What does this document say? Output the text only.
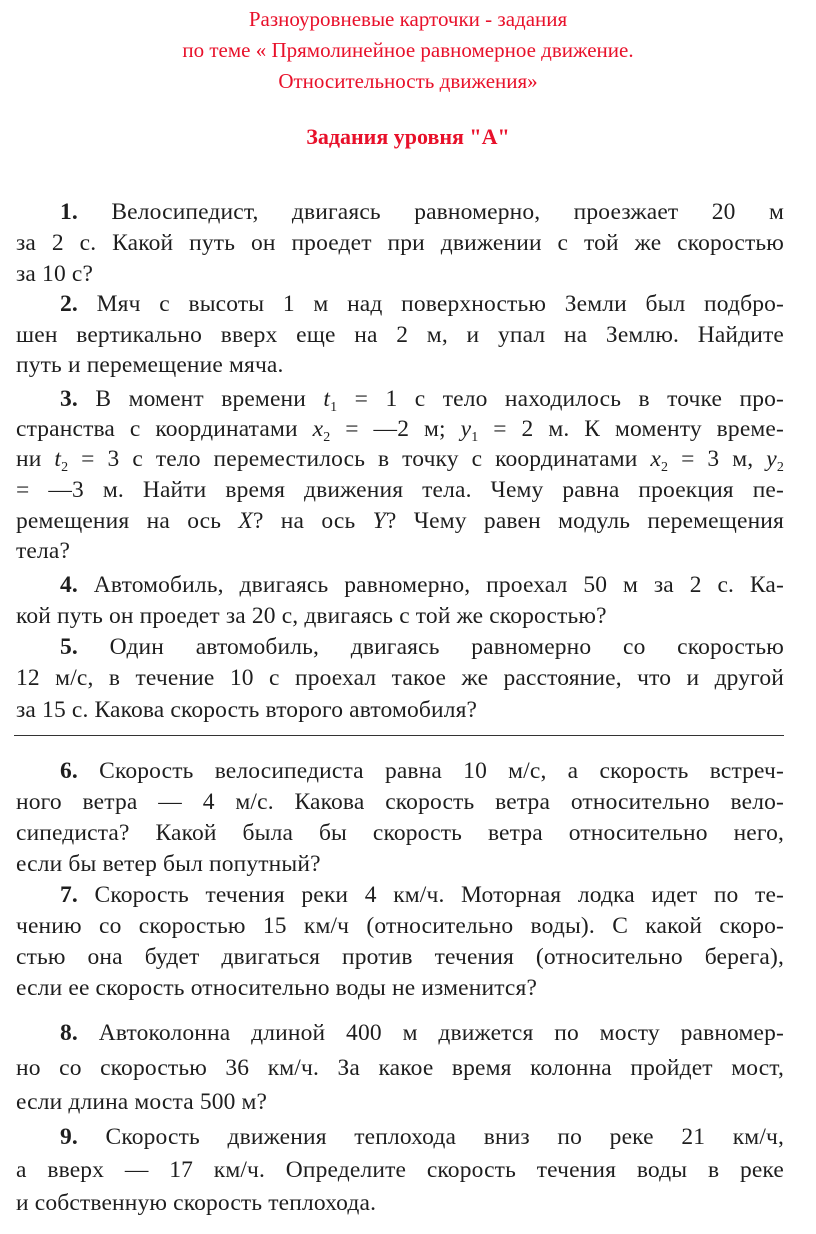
Разноуровневые карточки - задания
по теме « Прямолинейное равномерное движение.
Относительность движения»
Задания уровня "А"
1. Велосипедист, двигаясь равномерно, проезжает 20 м
за 2 с. Какой путь он проедет при движении с той же скоростью
за 10 с?
2. Мяч с высоты 1 м над поверхностью Земли был подбро-
шен вертикально вверх еще на 2 м, и упал на Землю. Найдите
путь и перемещение мяча.
3. В момент времени $t_1 = 1$ с тело находилось в точке про-
странства с координатами $x_2$ = —2 м; $y_1 = 2$ м. К моменту време-
ни $t_2 = 3$ с тело переместилось в точку с координатами $x_2 = 3$ м, $y_2$
= —3 м. Найти время движения тела. Чему равна проекция пе-
ремещения на ось X? на ось Y? Чему равен модуль перемещения
тела?
4. Автомобиль, двигаясь равномерно, проехал 50 м за 2 с. Ка-
кой путь он проедет за 20 с, двигаясь с той же скоростью?
5. Один автомобиль, двигаясь равномерно со скоростью
12 м/с, в течение 10 с проехал такое же расстояние, что и другой
за 15 с. Какова скорость второго автомобиля?
6. Скорость велосипедиста равна 10 м/с, а скорость встреч-
ного ветра — 4 м/с. Какова скорость ветра относительно вело-
сипедиста? Какой была бы скорость ветра относительно него,
если бы ветер был попутный?
7. Скорость течения реки 4 км/ч. Моторная лодка идет по те-
чению со скоростью 15 км/ч (относительно воды). С какой скоро-
стью она будет двигаться против течения (относительно берега),
если ее скорость относительно воды не изменится?
8. Автоколонна длиной 400 м движется по мосту равномер-
но со скоростью 36 км/ч. За какое время колонна пройдет мост,
если длина моста 500 м?
9. Скорость движения теплохода вниз по реке 21 км/ч,
а вверх — 17 км/ч. Определите скорость течения воды в реке
и собственную скорость теплохода.
